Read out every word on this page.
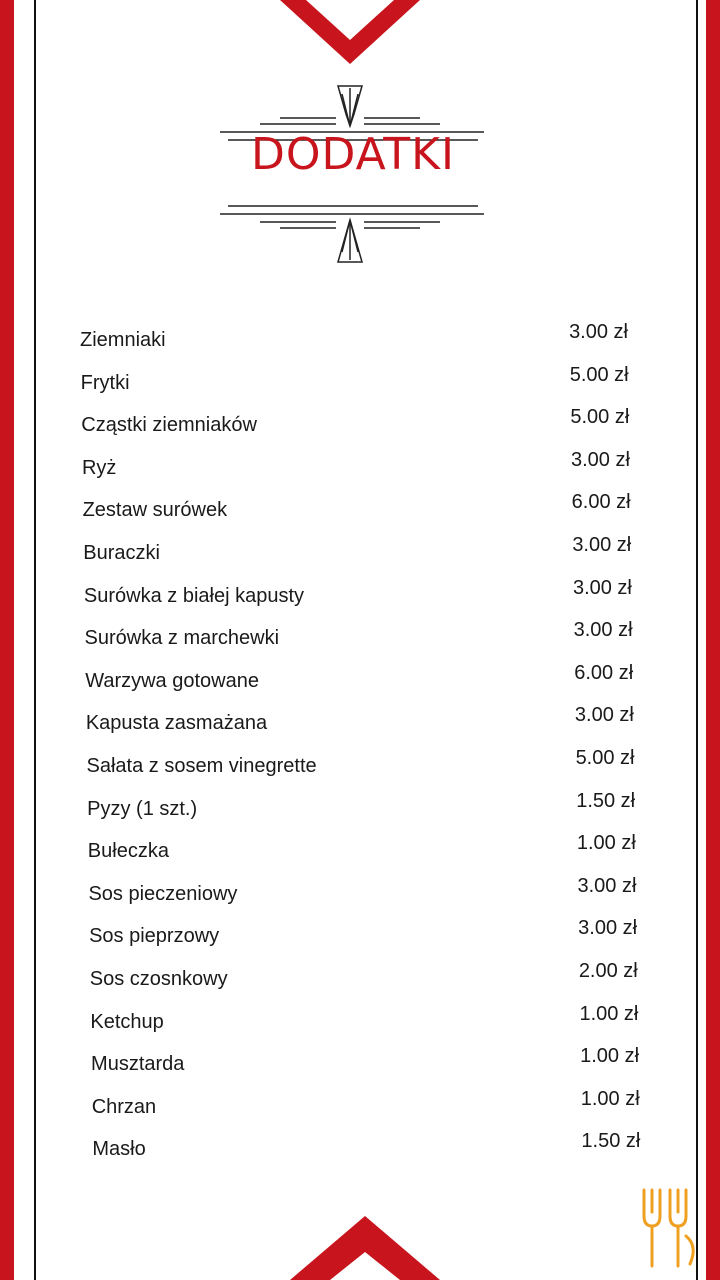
DODATKI
Ziemniaki	3.00 zł
Frytki	5.00 zł
Cząstki ziemniaków	5.00 zł
Ryż	3.00 zł
Zestaw surówek	6.00 zł
Buraczki	3.00 zł
Surówka z białej kapusty	3.00 zł
Surówka z marchewki	3.00 zł
Warzywa gotowane	6.00 zł
Kapusta zasmażana	3.00 zł
Sałata z sosem vinegrette	5.00 zł
Pyzy (1 szt.)	1.50 zł
Bułeczka	1.00 zł
Sos pieczeniowy	3.00 zł
Sos pieprzowy	3.00 zł
Sos czosnkowy	2.00 zł
Ketchup	1.00 zł
Musztarda	1.00 zł
Chrzan	1.00 zł
Masło	1.50 zł
